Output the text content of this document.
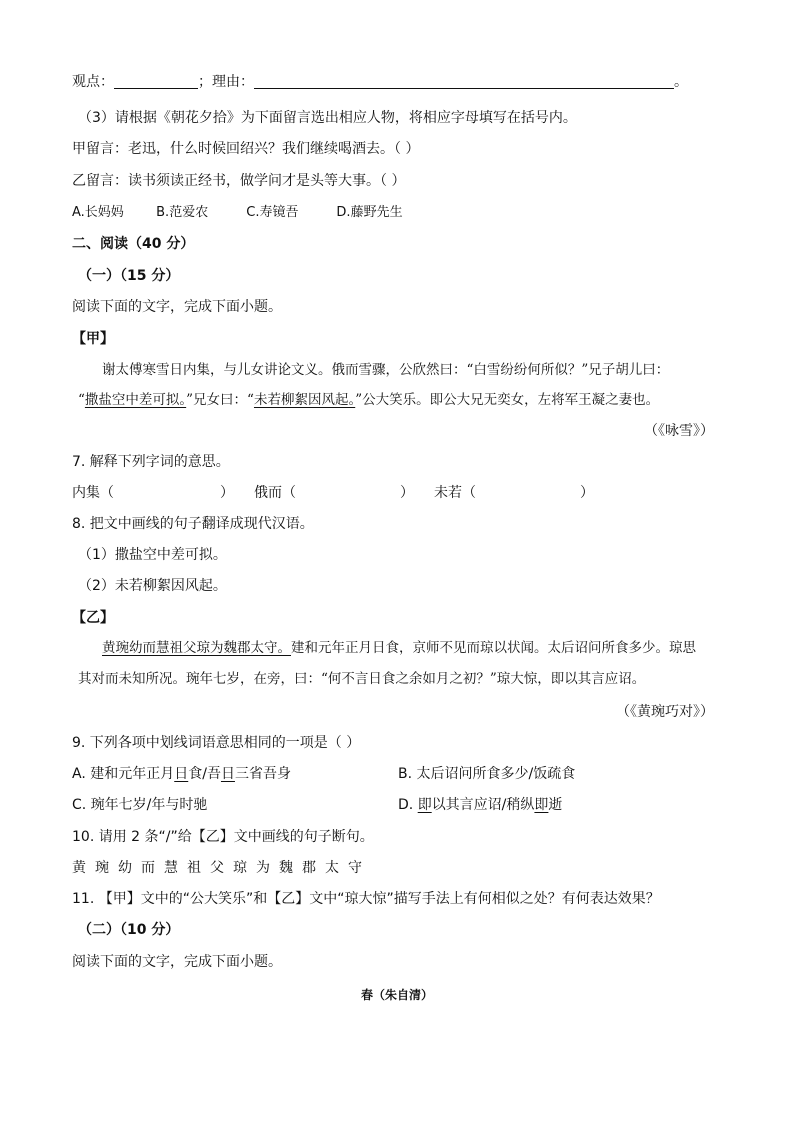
观点：	；理由：	。
（3）请根据《朝花夕拾》为下面留言选出相应人物，将相应字母填写在括号内。
甲留言：老迅，什么时候回绍兴？我们继续喝酒去。（ ）
乙留言：读书须读正经书，做学问才是头等大事。（ ）
A.长妈妈 B.范爱农	C.寿镜吾	D.藤野先生
二、阅读（40 分）
（一）（15 分）
阅读下面的文字，完成下面小题。
【甲】
谢太傅寒雪日内集，与儿女讲论文义。俄而雪骤，公欣然曰：“白雪纷纷何所似？”兄子胡儿曰：
“撒盐空中差可拟。”兄女曰：“未若柳絮因风起。”公大笑乐。即公大兄无奕女，左将军王凝之妻也。
（《咏雪》）
7. 解释下列字词的意思。
内集（	） 俄而（	） 未若（	）
8. 把文中画线的句子翻译成现代汉语。
（1）撒盐空中差可拟。
（2）未若柳絮因风起。
【乙】
黄琬幼而慧祖父琼为魏郡太守。建和元年正月日食，京师不见而琼以状闻。太后诏问所食多少。琼思
其对而未知所况。琬年七岁，在旁，曰：“何不言日食之余如月之初？”琼大惊，即以其言应诏。
（《黄琬巧对》）
9. 下列各项中划线词语意思相同的一项是（ ）
A. 建和元年正月日食/吾日三省吾身	B. 太后诏问所食多少/饭疏食
C. 琬年七岁/年与时驰	D. 即以其言应诏/稍纵即逝
10. 请用 2 条“/”给【乙】文中画线的句子断句。
黄琬幼而慧祖父琼为魏郡太守
11. 【甲】文中的“公大笑乐”和【乙】文中“琼大惊”描写手法上有何相似之处？有何表达效果？
（二）（10 分）
阅读下面的文字，完成下面小题。
春（朱自清）
